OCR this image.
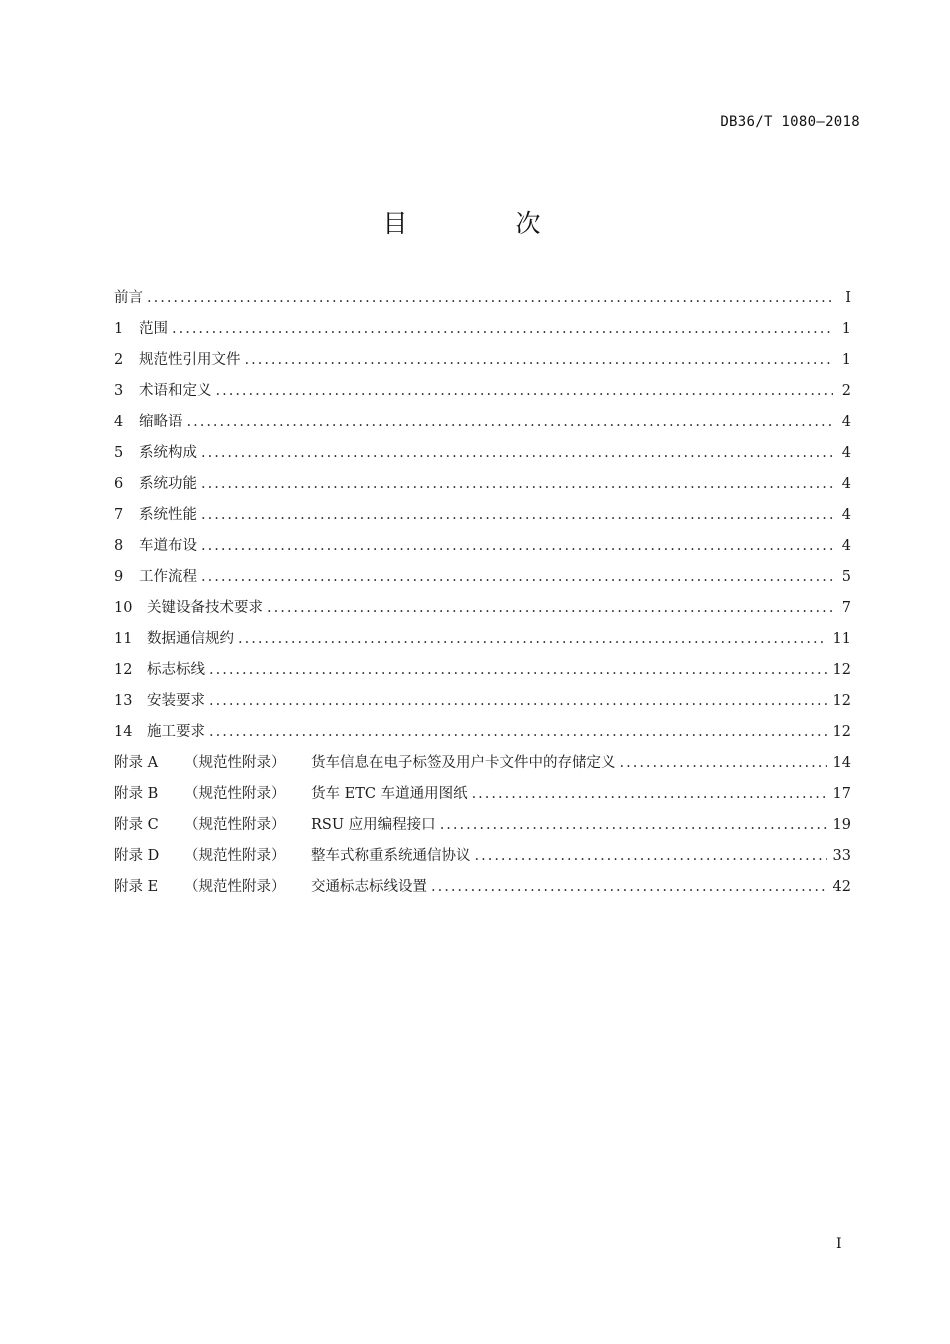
DB36/T 1080—2018
目 次
前言 .....	I
1	范围 .....	1
2	规范性引用文件 .....	1
3	术语和定义 .....	2
4	缩略语 .....	4
5	系统构成 .....	4
6	系统功能 .....	4
7	系统性能 .....	4
8	车道布设 .....	4
9	工作流程 .....	5
10	关键设备技术要求 .....	7
11	数据通信规约 .....	11
12	标志标线 .....	12
13	安装要求 .....	12
14	施工要求 .....	12
附录 A	（规范性附录）	货车信息在电子标签及用户卡文件中的存储定义 .....	14
附录 B	（规范性附录）	货车 ETC 车道通用图纸 .....	17
附录 C	（规范性附录）	RSU 应用编程接口 .....	19
附录 D	（规范性附录）	整车式称重系统通信协议 .....	33
附录 E	（规范性附录）	交通标志标线设置 .....	42
I
